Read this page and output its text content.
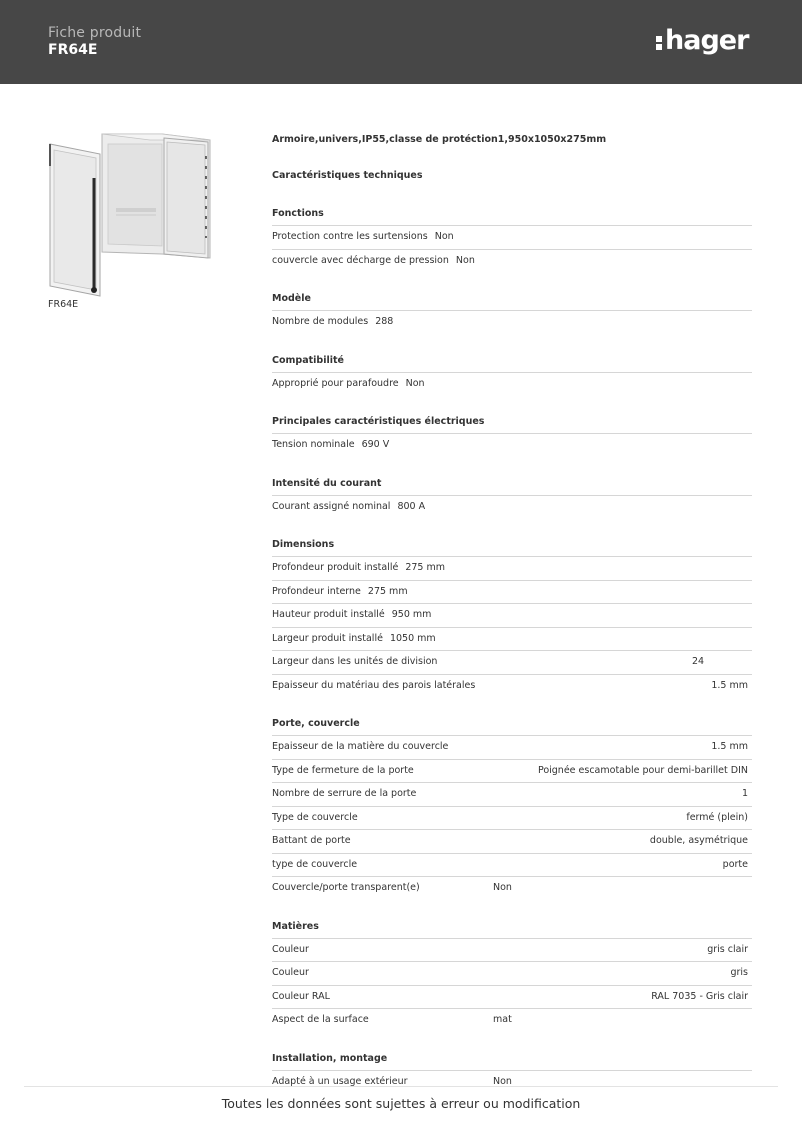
Fiche produit
FR64E	hager
FR64E
Armoire,univers,IP55,classe de protéction1,950x1050x275mm
Caractéristiques techniques
Fonctions
Protection contre les surtensions Non
couvercle avec décharge de pression Non
Modèle
Nombre de modules 288
Compatibilité
Approprié pour parafoudre Non
Principales caractéristiques électriques
Tension nominale 690 V
Intensité du courant
Courant assigné nominal 800 A
Dimensions
Profondeur produit installé 275 mm
Profondeur interne 275 mm
Hauteur produit installé 950 mm
Largeur produit installé 1050 mm
Largeur dans les unités de division	24
Epaisseur du matériau des parois latérales	1.5 mm
Porte, couvercle
Epaisseur de la matière du couvercle	1.5 mm
Type de fermeture de la porte	Poignée escamotable pour demi-barillet DIN
Nombre de serrure de la porte	1
Type de couvercle	fermé (plein)
Battant de porte	double, asymétrique
type de couvercle	porte
Couvercle/porte transparent(e)	Non
Matières
Couleur	gris clair
Couleur	gris
Couleur RAL	RAL 7035 - Gris clair
Aspect de la surface	mat
Installation, montage
Adapté à un usage extérieur	Non
Toutes les données sont sujettes à erreur ou modification
